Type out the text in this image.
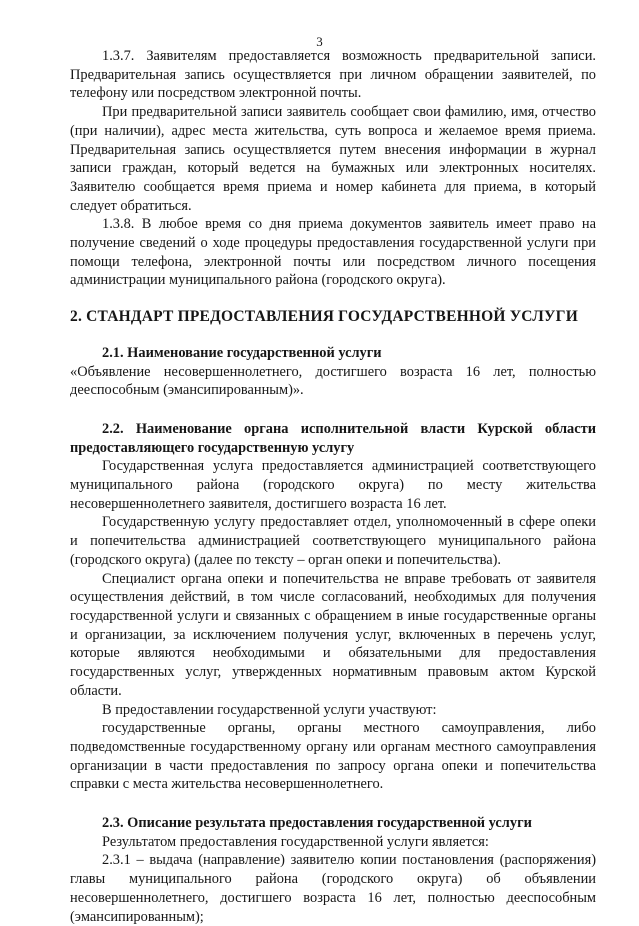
3

1.3.7. Заявителям предоставляется возможность предварительной записи. Предварительная запись осуществляется при личном обращении заявителей, по телефону или посредством электронной почты.

При предварительной записи заявитель сообщает свои фамилию, имя, отчество (при наличии), адрес места жительства, суть вопроса и желаемое время приема. Предварительная запись осуществляется путем внесения информации в журнал записи граждан, который ведется на бумажных или электронных носителях. Заявителю сообщается время приема и номер кабинета для приема, в который следует обратиться.

1.3.8. В любое время со дня приема документов заявитель имеет право на получение сведений о ходе процедуры предоставления государственной услуги при помощи телефона, электронной почты или посредством личного посещения администрации муниципального района (городского округа).

2. СТАНДАРТ ПРЕДОСТАВЛЕНИЯ ГОСУДАРСТВЕННОЙ УСЛУГИ

2.1. Наименование государственной услуги

«Объявление несовершеннолетнего, достигшего возраста 16 лет, полностью дееспособным (эмансипированным)».

2.2. Наименование органа исполнительной власти Курской области предоставляющего государственную услугу

Государственная услуга предоставляется администрацией соответствующего муниципального района (городского округа) по месту жительства несовершеннолетнего заявителя, достигшего возраста 16 лет.

Государственную услугу предоставляет отдел, уполномоченный в сфере опеки и попечительства администрацией соответствующего муниципального района (городского округа) (далее по тексту – орган опеки и попечительства).

Специалист органа опеки и попечительства не вправе требовать от заявителя осуществления действий, в том числе согласований, необходимых для получения государственной услуги и связанных с обращением в иные государственные органы и организации, за исключением получения услуг, включенных в перечень услуг, которые являются необходимыми и обязательными для предоставления государственных услуг, утвержденных нормативным правовым актом Курской области.

В предоставлении государственной услуги участвуют:

государственные органы, органы местного самоуправления, либо подведомственные государственному органу или органам местного самоуправления организации в части предоставления по запросу органа опеки и попечительства справки с места жительства несовершеннолетнего.

2.3. Описание результата предоставления государственной услуги

Результатом предоставления государственной услуги является:

2.3.1 – выдача (направление) заявителю копии постановления (распоряжения) главы муниципального района (городского округа) об объявлении несовершеннолетнего, достигшего возраста 16 лет, полностью дееспособным (эмансипированным);
